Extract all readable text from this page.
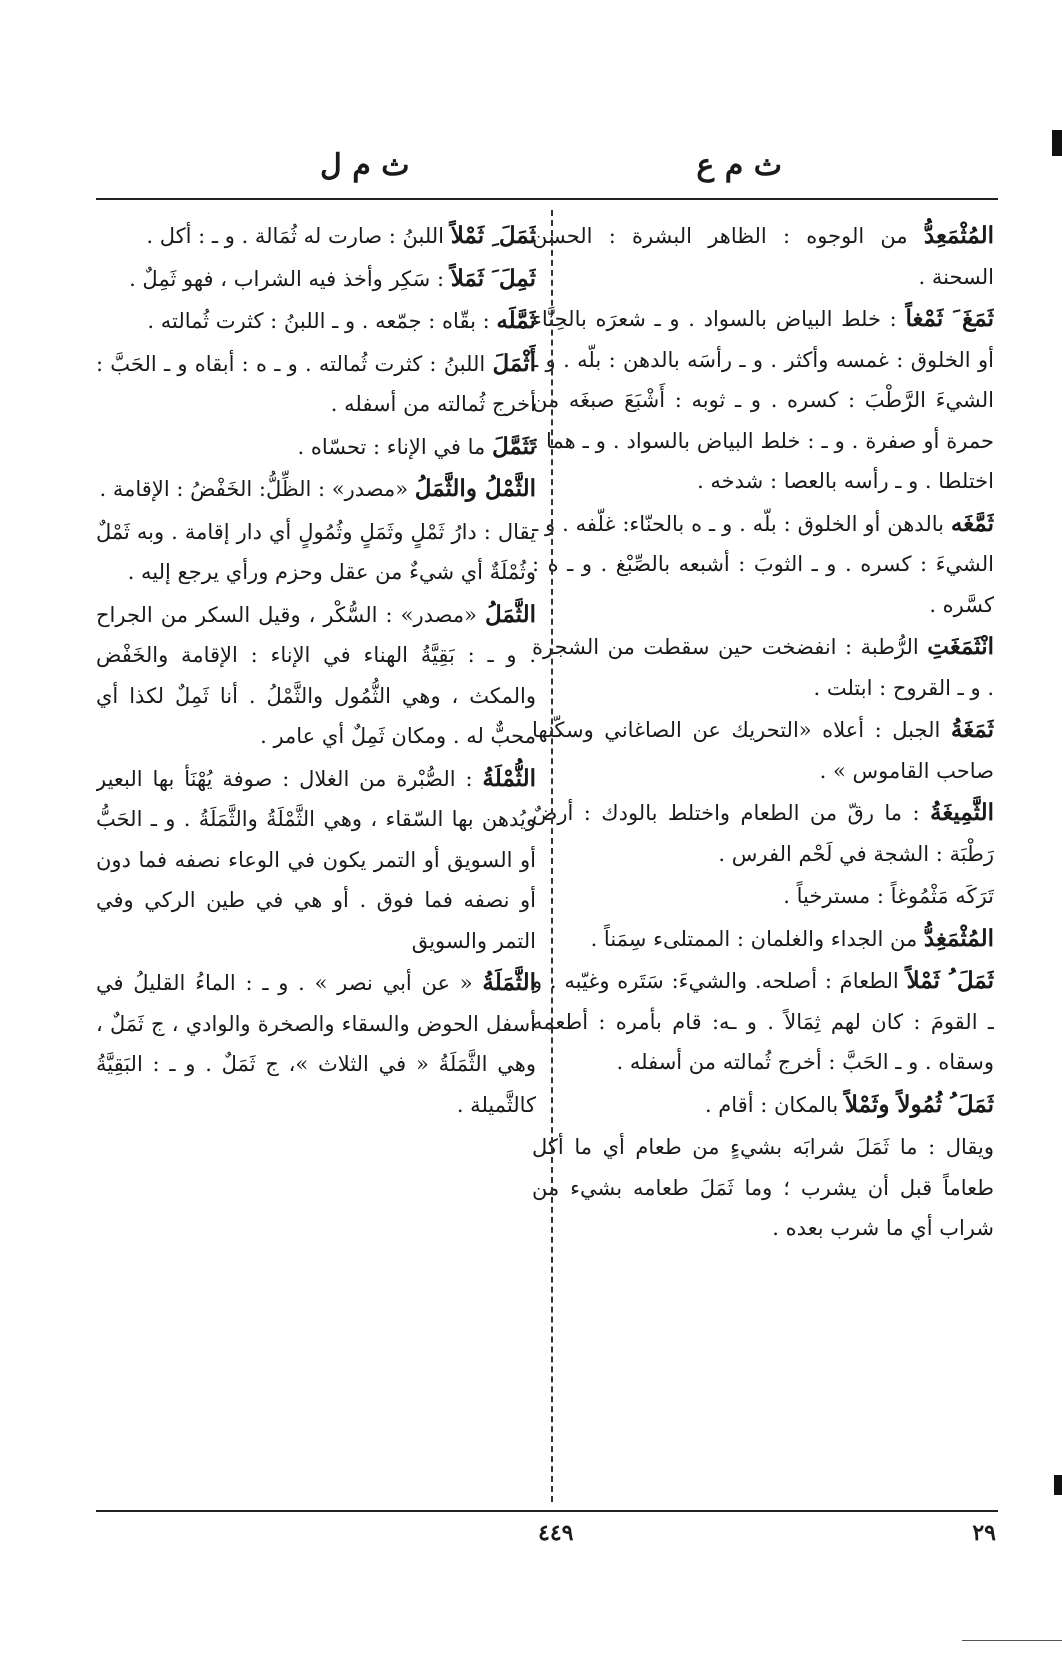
ث م ع
ث م ل

المُثْمَعِدُّ من الوجوه : الظاهر البشرة : الحسن السحنة .

ثَمَغَ َ ثَمْغاً : خلط البياض بالسواد . و ـ شعرَه بالحِنَّاء أو الخلوق : غمسه وأكثر . و ـ رأسَه بالدهن : بلّه . و ـ الشيءَ الرَّطْبَ : كسره . و ـ ثوبه : أَشْبَعَ صبغَه من حمرة أو صفرة . و ـ : خلط البياض بالسواد . و ـ هما : اختلطا . و ـ رأسه بالعصا : شدخه .

ثَمَّغَه بالدهن أو الخلوق : بلّه . و ـ ه بالحنّاء: غلّفه . و ـ الشيءَ : كسره . و ـ الثوبَ : أشبعه بالصِّبْغ . و ـ ه : كسَّره .

انْثَمَغَتِ الرُّطبة : انفضخت حين سقطت من الشجرة . و ـ القروح : ابتلت .

ثَمَغَةُ الجبل : أعلاه «التحريك عن الصاغاني وسكّنها صاحب القاموس » .

الثَّمِيغَةُ : ما رقّ من الطعام واختلط بالودك : أرضٌ رَطْبَة : الشجة في لَحْم الفرس .

تَرَكَه مَثْمُوغاً : مسترخياً .

المُثْمَغِدُّ من الجداء والغلمان : الممتلىء سِمَناً .

ثَمَلَ ُ ثَمْلاً الطعامَ : أصلحه. والشيءَ: سَتَره وغيّبه . و ـ القومَ : كان لهم ثِمَالاً . و ـه: قام بأمره : أطعمه وسقاه . و ـ الحَبَّ : أخرج ثُمالته من أسفله .

ثَمَلَ ُ ثُمُولاً وثَمْلاً بالمكان : أقام .

ويقال : ما ثَمَلَ شرابَه بشيءٍ من طعام أي ما أكل طعاماً قبل أن يشرب ؛ وما ثَمَلَ طعامه بشيء من شراب أي ما شرب بعده .

ثَمَلَ ِ ثَمْلاً اللبنُ : صارت له ثُمَالة . و ـ : أكل .

ثَمِلَ َ ثَمَلاً : سَكِر وأخذ فيه الشراب ، فهو ثَمِلٌ .

ثَمَّلَه : بقّاه : جمّعه . و ـ اللبنُ : كثرت ثُمالته .

أَثْمَلَ اللبنُ : كثرت ثُمالته . و ـ ه : أبقاه و ـ الحَبَّ : أخرج ثُمالته من أسفله .

تَثَمَّلَ ما في الإناء : تحسّاه .

الثَّمْلُ والثَّمَلُ «مصدر» : الظِّلُّ: الخَفْضُ : الإقامة .

يقال : دارُ ثَمْلٍ وثَمَلٍ وثُمُولٍ أي دار إقامة . وبه ثَمْلٌ وثُمْلَةٌ أي شيءٌ من عقل وحزم ورأي يرجع إليه .

الثَّمَلُ «مصدر» : السُّكْر ، وقيل السكر من الجراح . و ـ : بَقِيَّةُ الهناء في الإناء : الإقامة والخَفْض والمكث ، وهي الثُّمُول والثَّمْلُ . أنا ثَمِلٌ لكذا أي محبٌّ له . ومكان ثَمِلٌ أي عامر .

الثُّمْلَةُ : الصُّبْرة من الغلال : صوفة يُهْنَأ بها البعير ويُدهن بها السّقاء ، وهي الثَّمْلَةُ والثَّمَلَةُ . و ـ الحَبُّ أو السويق أو التمر يكون في الوعاء نصفه فما دون أو نصفه فما فوق . أو هي في طين الركي وفي التمر والسويق

الثَّمَلَةُ « عن أبي نصر » . و ـ : الماءُ القليلُ في أسفل الحوض والسقاء والصخرة والوادي ، ج ثَمَلٌ ، وهي الثَّمَلَةُ « في الثلاث »، ج ثَمَلٌ . و ـ : البَقِيَّةُ كالثَّميلة .

٤٤٩	٢٩
